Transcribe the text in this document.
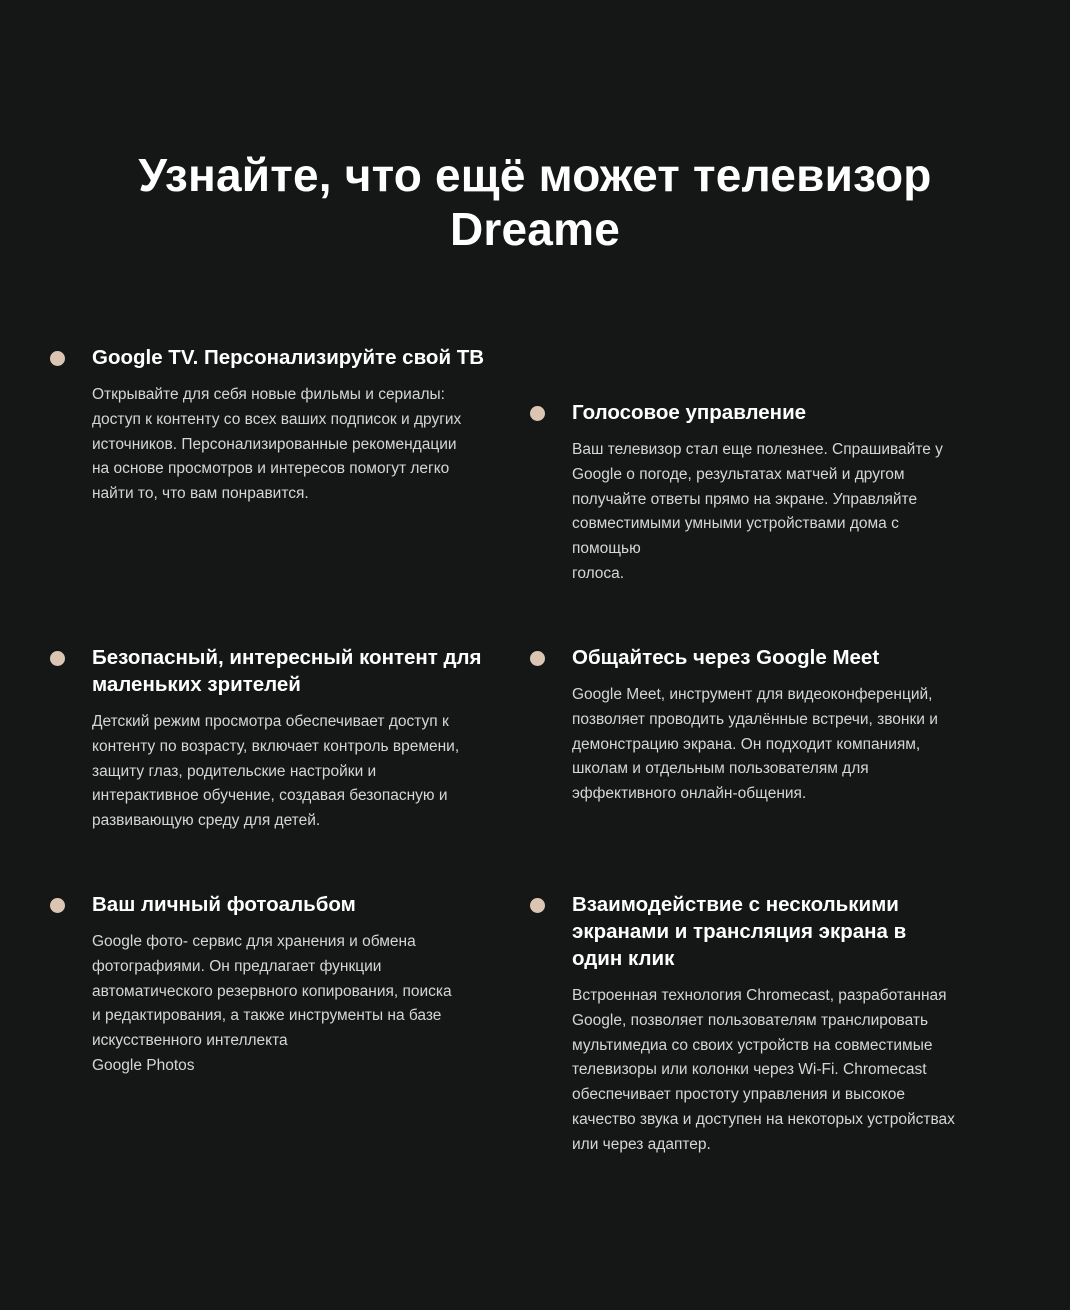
Узнайте, что ещё может телевизор
Dreame
Google TV. Персонализируйте свой ТВ
Открывайте для себя новые фильмы и сериалы:
доступ к контенту со всех ваших подписок и других
источников. Персонализированные рекомендации
на основе просмотров и интересов помогут легко
найти то, что вам понравится.
Голосовое управление
Ваш телевизор стал еще полезнее. Спрашивайте у
Google о погоде, результатах матчей и другом
получайте ответы прямо на экране. Управляйте
совместимыми умными устройствами дома с
помощью
голоса.
Безопасный, интересный контент для
маленьких зрителей
Детский режим просмотра обеспечивает доступ к
контенту по возрасту, включает контроль времени,
защиту глаз, родительские настройки и
интерактивное обучение, создавая безопасную и
развивающую среду для детей.
Общайтесь через Google Meet
Google Meet, инструмент для видеоконференций,
позволяет проводить удалённые встречи, звонки и
демонстрацию экрана. Он подходит компаниям,
школам и отдельным пользователям для
эффективного онлайн-общения.
Ваш личный фотоальбом
Google фото- сервис для хранения и обмена
фотографиями. Он предлагает функции
автоматического резервного копирования, поиска
и редактирования, а также инструменты на базе
искусственного интеллекта
Google Photos
Взаимодействие с несколькими
экранами и трансляция экрана в
один клик
Встроенная технология Chromecast, разработанная
Google, позволяет пользователям транслировать
мультимедиа со своих устройств на совместимые
телевизоры или колонки через Wi-Fi. Chromecast
обеспечивает простоту управления и высокое
качество звука и доступен на некоторых устройствах
или через адаптер.
